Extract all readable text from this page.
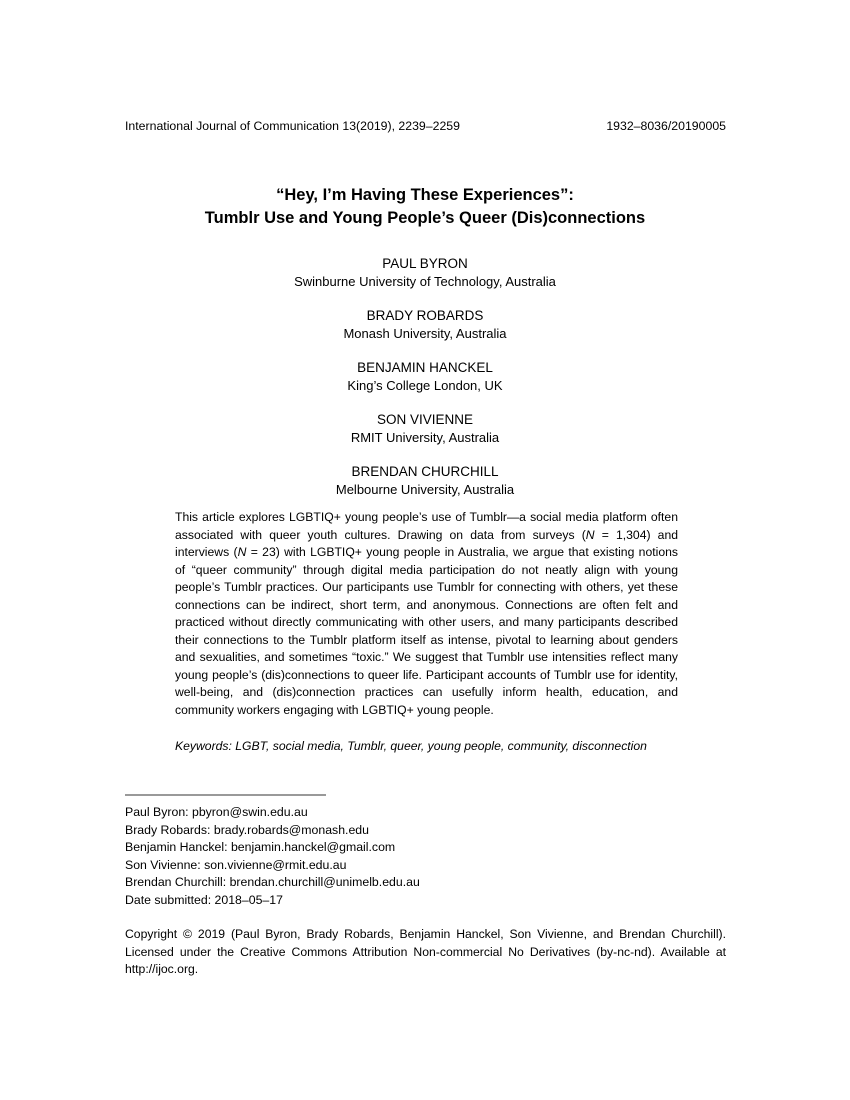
International Journal of Communication 13(2019), 2239–2259	1932–8036/20190005
“Hey, I’m Having These Experiences”:
Tumblr Use and Young People’s Queer (Dis)connections
PAUL BYRON
Swinburne University of Technology, Australia
BRADY ROBARDS
Monash University, Australia
BENJAMIN HANCKEL
King’s College London, UK
SON VIVIENNE
RMIT University, Australia
BRENDAN CHURCHILL
Melbourne University, Australia

This article explores LGBTIQ+ young people’s use of Tumblr—a social media platform often associated with queer youth cultures. Drawing on data from surveys (N = 1,304) and interviews (N = 23) with LGBTIQ+ young people in Australia, we argue that existing notions of “queer community” through digital media participation do not neatly align with young people’s Tumblr practices. Our participants use Tumblr for connecting with others, yet these connections can be indirect, short term, and anonymous. Connections are often felt and practiced without directly communicating with other users, and many participants described their connections to the Tumblr platform itself as intense, pivotal to learning about genders and sexualities, and sometimes “toxic.” We suggest that Tumblr use intensities reflect many young people’s (dis)connections to queer life. Participant accounts of Tumblr use for identity, well-being, and (dis)connection practices can usefully inform health, education, and community workers engaging with LGBTIQ+ young people.

Keywords: LGBT, social media, Tumblr, queer, young people, community, disconnection

Paul Byron: pbyron@swin.edu.au

Brady Robards: brady.robards@monash.edu

Benjamin Hanckel: benjamin.hanckel@gmail.com

Son Vivienne: son.vivienne@rmit.edu.au

Brendan Churchill: brendan.churchill@unimelb.edu.au

Date submitted: 2018–05–17

Copyright © 2019 (Paul Byron, Brady Robards, Benjamin Hanckel, Son Vivienne, and Brendan Churchill). Licensed under the Creative Commons Attribution Non-commercial No Derivatives (by-nc-nd). Available at http://ijoc.org.
